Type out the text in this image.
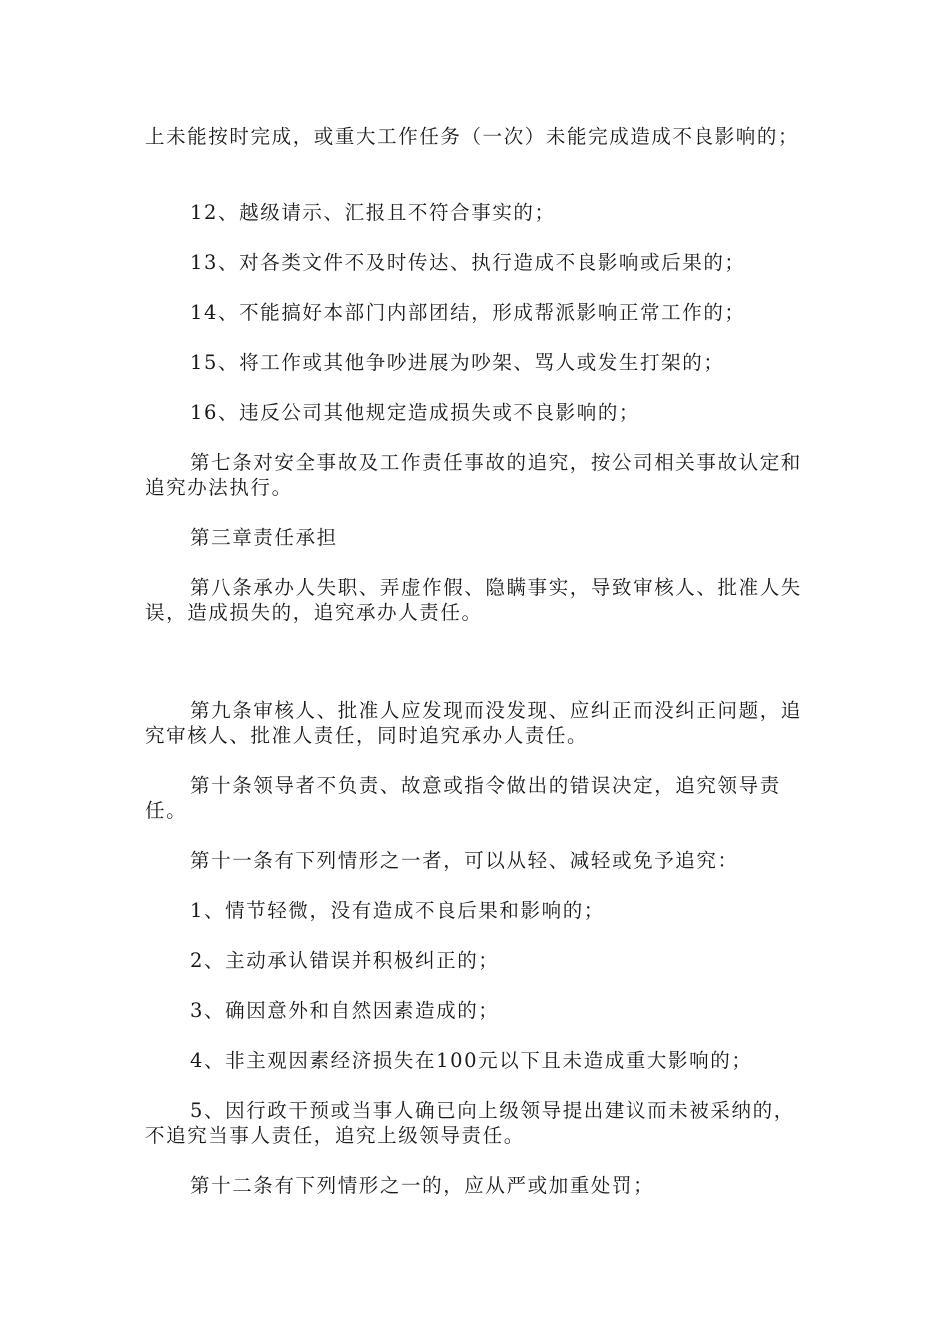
上未能按时完成，或重大工作任务（一次）未能完成造成不良影响的；

12、越级请示、汇报且不符合事实的；

13、对各类文件不及时传达、执行造成不良影响或后果的；

14、不能搞好本部门内部团结，形成帮派影响正常工作的；

15、将工作或其他争吵进展为吵架、骂人或发生打架的；

16、违反公司其他规定造成损失或不良影响的；

第七条对安全事故及工作责任事故的追究，按公司相关事故认定和追究办法执行。

第三章责任承担

第八条承办人失职、弄虚作假、隐瞒事实，导致审核人、批准人失误，造成损失的，追究承办人责任。

第九条审核人、批准人应发现而没发现、应纠正而没纠正问题，追究审核人、批准人责任，同时追究承办人责任。

第十条领导者不负责、故意或指令做出的错误决定，追究领导责任。

第十一条有下列情形之一者，可以从轻、减轻或免予追究：

1、情节轻微，没有造成不良后果和影响的；

2、主动承认错误并积极纠正的；

3、确因意外和自然因素造成的；

4、非主观因素经济损失在100元以下且未造成重大影响的；

5、因行政干预或当事人确已向上级领导提出建议而未被采纳的，不追究当事人责任，追究上级领导责任。

第十二条有下列情形之一的，应从严或加重处罚；
